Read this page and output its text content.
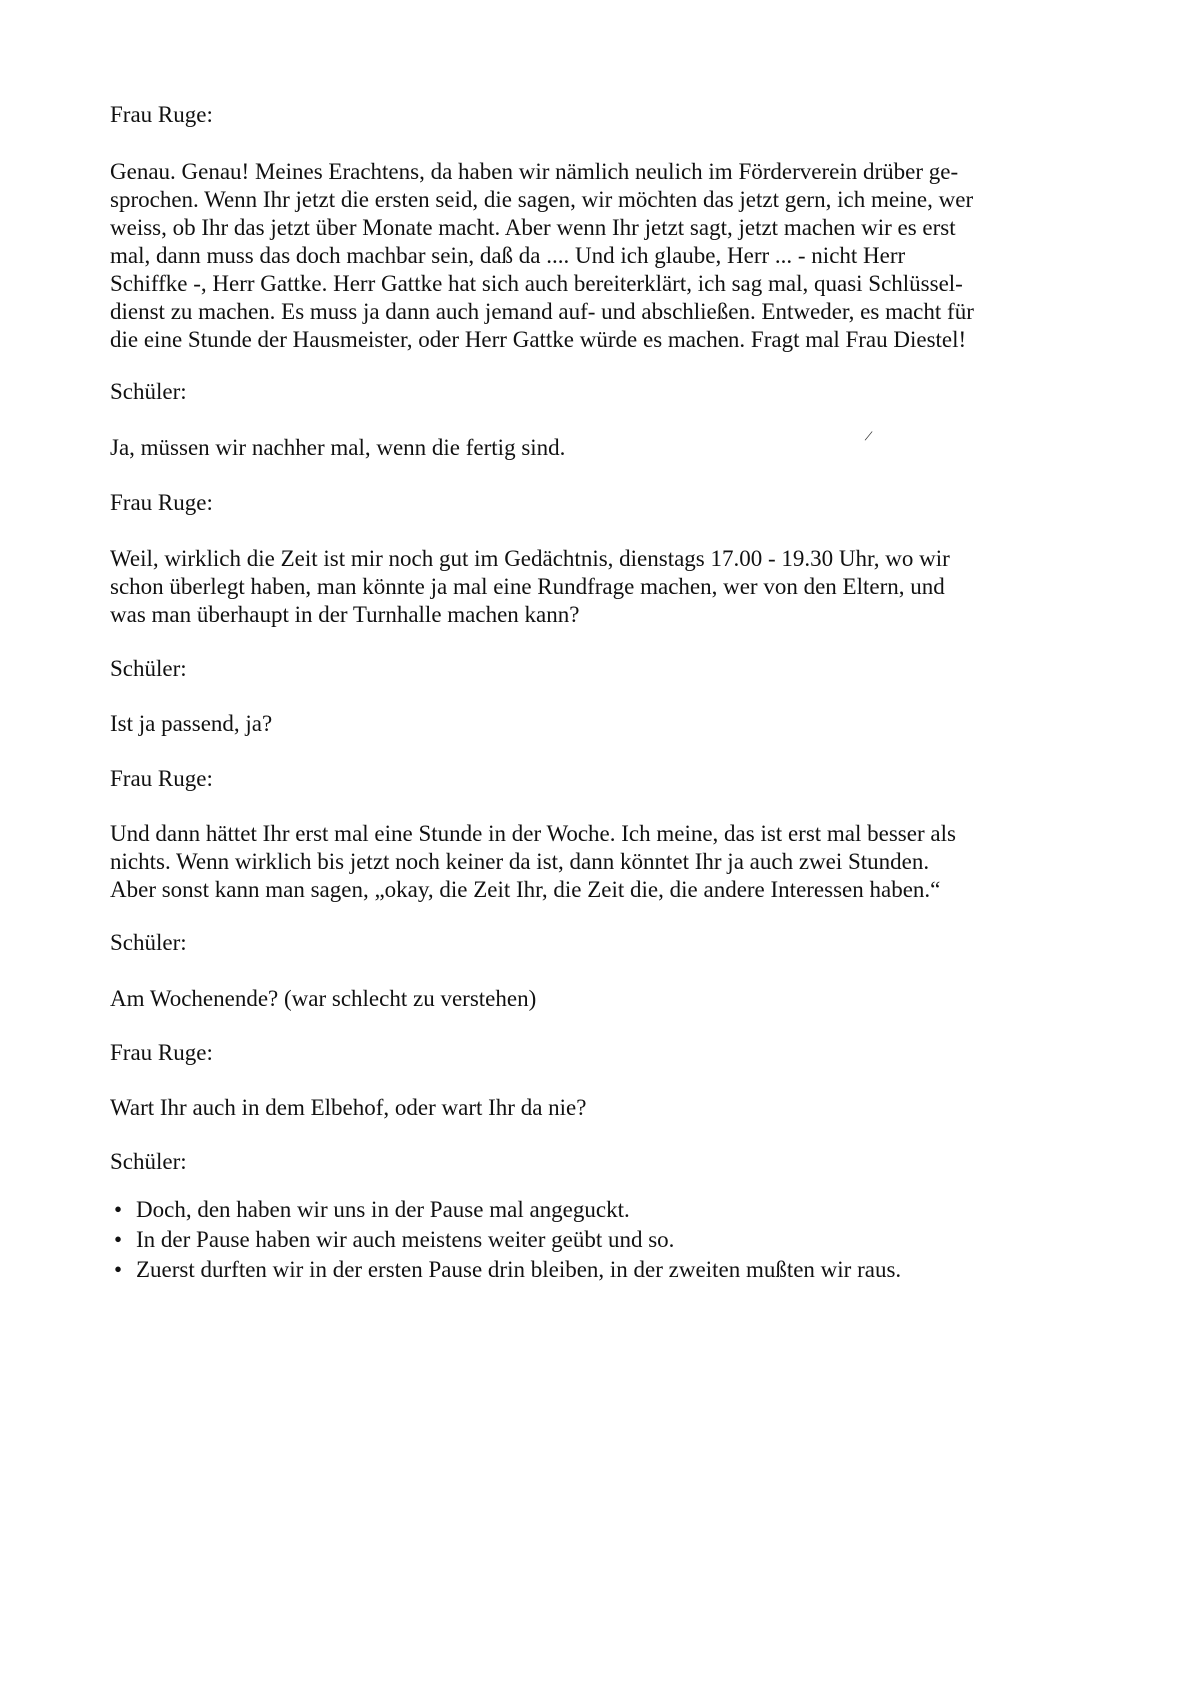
Frau Ruge:

Genau. Genau! Meines Erachtens, da haben wir nämlich neulich im Förderverein drüber ge-
sprochen. Wenn Ihr jetzt die ersten seid, die sagen, wir möchten das jetzt gern, ich meine, wer
weiss, ob Ihr das jetzt über Monate macht. Aber wenn Ihr jetzt sagt, jetzt machen wir es erst
mal, dann muss das doch machbar sein, daß da .... Und ich glaube, Herr ... - nicht Herr
Schiffke -, Herr Gattke. Herr Gattke hat sich auch bereiterklärt, ich sag mal, quasi Schlüssel-
dienst zu machen. Es muss ja dann auch jemand auf- und abschließen. Entweder, es macht für
die eine Stunde der Hausmeister, oder Herr Gattke würde es machen. Fragt mal Frau Diestel!

Schüler:

Ja, müssen wir nachher mal, wenn die fertig sind.	/

Frau Ruge:

Weil, wirklich die Zeit ist mir noch gut im Gedächtnis, dienstags 17.00 - 19.30 Uhr, wo wir
schon überlegt haben, man könnte ja mal eine Rundfrage machen, wer von den Eltern, und
was man überhaupt in der Turnhalle machen kann?

Schüler:

Ist ja passend, ja?

Frau Ruge:

Und dann hättet Ihr erst mal eine Stunde in der Woche. Ich meine, das ist erst mal besser als
nichts. Wenn wirklich bis jetzt noch keiner da ist, dann könntet Ihr ja auch zwei Stunden.
Aber sonst kann man sagen, „okay, die Zeit Ihr, die Zeit die, die andere Interessen haben.“

Schüler:

Am Wochenende? (war schlecht zu verstehen)

Frau Ruge:

Wart Ihr auch in dem Elbehof, oder wart Ihr da nie?

Schüler:

• Doch, den haben wir uns in der Pause mal angeguckt.
• In der Pause haben wir auch meistens weiter geübt und so.
• Zuerst durften wir in der ersten Pause drin bleiben, in der zweiten mußten wir raus.
